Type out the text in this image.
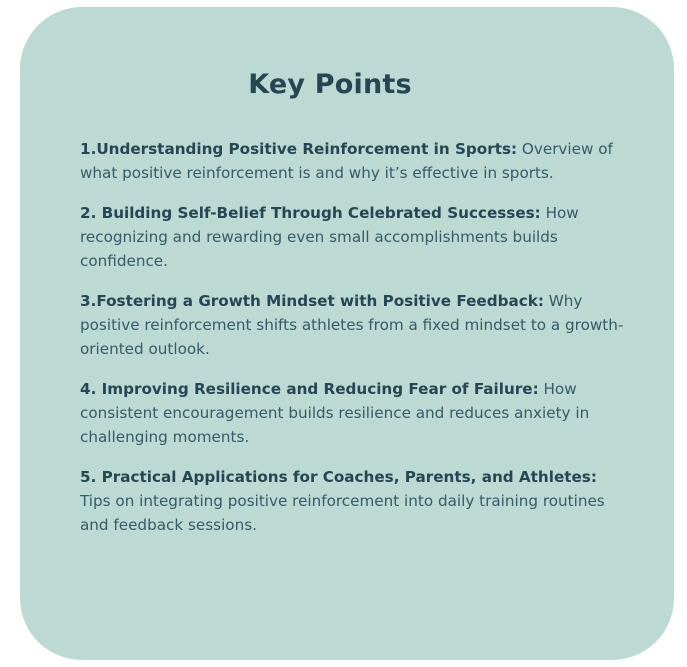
Key Points

1.Understanding Positive Reinforcement in Sports: Overview of what positive reinforcement is and why it’s effective in sports.

2. Building Self-Belief Through Celebrated Successes: How recognizing and rewarding even small accomplishments builds confidence.

3.Fostering a Growth Mindset with Positive Feedback: Why positive reinforcement shifts athletes from a fixed mindset to a growth-oriented outlook.

4. Improving Resilience and Reducing Fear of Failure: How consistent encouragement builds resilience and reduces anxiety in challenging moments.

5. Practical Applications for Coaches, Parents, and Athletes: Tips on integrating positive reinforcement into daily training routines and feedback sessions.
